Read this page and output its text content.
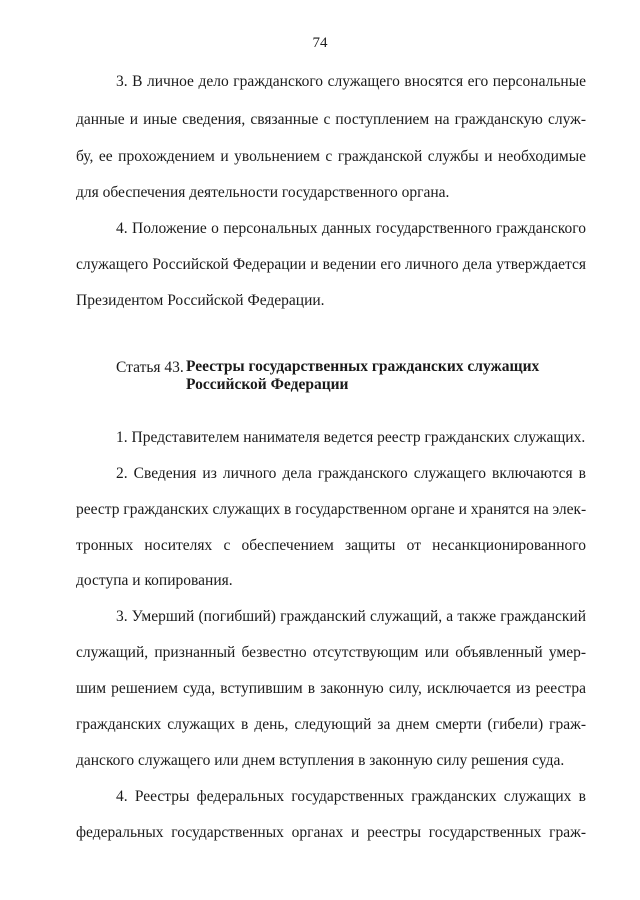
74
3. В личное дело гражданского служащего вносятся его персональные
данные и иные сведения, связанные с поступлением на гражданскую служ-
бу, ее прохождением и увольнением с гражданской службы и необходимые
для обеспечения деятельности государственного органа.
4. Положение о персональных данных государственного гражданского
служащего Российской Федерации и ведении его личного дела утверждается
Президентом Российской Федерации.
Статья 43. Реестры государственных гражданских служащих
Российской Федерации
1. Представителем нанимателя ведется реестр гражданских служащих.
2. Сведения из личного дела гражданского служащего включаются в
реестр гражданских служащих в государственном органе и хранятся на элек-
тронных носителях с обеспечением защиты от несанкционированного
доступа и копирования.
3. Умерший (погибший) гражданский служащий, а также гражданский
служащий, признанный безвестно отсутствующим или объявленный умер-
шим решением суда, вступившим в законную силу, исключается из реестра
гражданских служащих в день, следующий за днем смерти (гибели) граж-
данского служащего или днем вступления в законную силу решения суда.
4. Реестры федеральных государственных гражданских служащих в
федеральных государственных органах и реестры государственных граж-
